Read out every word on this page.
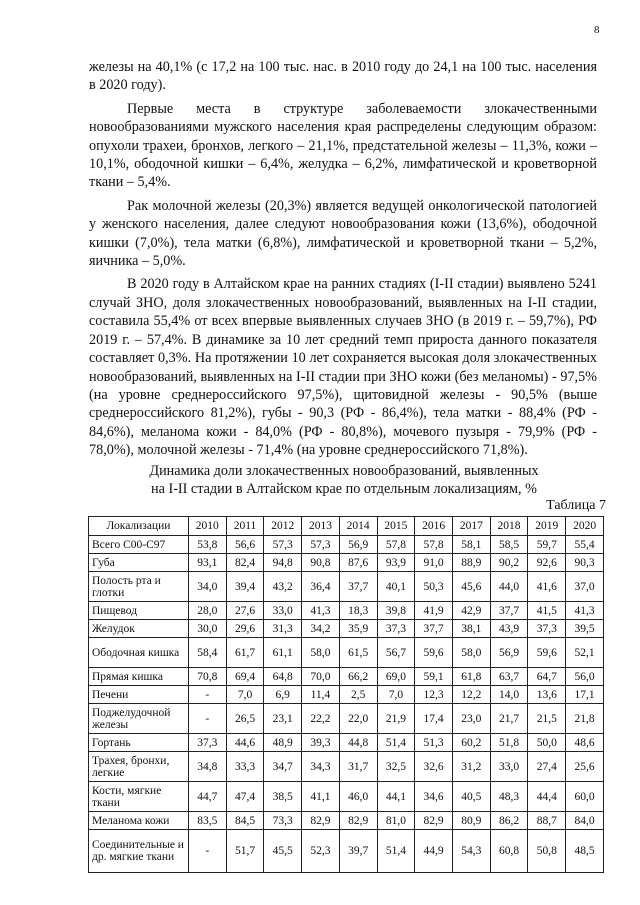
8

железы на 40,1% (с 17,2 на 100 тыс. нас. в 2010 году до 24,1 на 100 тыс. населения в 2020 году).

Первые места в структуре заболеваемости злокачественными новообразованиями мужского населения края распределены следующим образом: опухоли трахеи, бронхов, легкого – 21,1%, предстательной железы – 11,3%, кожи – 10,1%, ободочной кишки – 6,4%, желудка – 6,2%, лимфатической и кроветворной ткани – 5,4%.

Рак молочной железы (20,3%) является ведущей онкологической патологией у женского населения, далее следуют новообразования кожи (13,6%), ободочной кишки (7,0%), тела матки (6,8%), лимфатической и кроветворной ткани – 5,2%, яичника – 5,0%.

В 2020 году в Алтайском крае на ранних стадиях (I-II стадии) выявлено 5241 случай ЗНО, доля злокачественных новообразований, выявленных на I-II стадии, составила 55,4% от всех впервые выявленных случаев ЗНО (в 2019 г. – 59,7%), РФ 2019 г. – 57,4%. В динамике за 10 лет средний темп прироста данного показателя составляет 0,3%. На протяжении 10 лет сохраняется высокая доля злокачественных новообразований, выявленных на I-II стадии при ЗНО кожи (без меланомы) - 97,5% (на уровне среднероссийского 97,5%), щитовидной железы - 90,5% (выше среднероссийского 81,2%), губы - 90,3 (РФ - 86,4%), тела матки - 88,4% (РФ - 84,6%), меланома кожи - 84,0% (РФ - 80,8%), мочевого пузыря - 79,9% (РФ - 78,0%), молочной железы - 71,4% (на уровне среднероссийского 71,8%).

Динамика доли злокачественных новообразований, выявленных
на I-II стадии в Алтайском крае по отдельным локализациям, %
Таблица 7
Локализации	2010	2011	2012	2013	2014	2015	2016	2017	2018	2019	2020
Всего С00-С97	53,8	56,6	57,3	57,3	56,9	57,8	57,8	58,1	58,5	59,7	55,4
Губа	93,1	82,4	94,8	90,8	87,6	93,9	91,0	88,9	90,2	92,6	90,3
Полость рта и глотки	34,0	39,4	43,2	36,4	37,7	40,1	50,3	45,6	44,0	41,6	37,0
Пищевод	28,0	27,6	33,0	41,3	18,3	39,8	41,9	42,9	37,7	41,5	41,3
Желудок	30,0	29,6	31,3	34,2	35,9	37,3	37,7	38,1	43,9	37,3	39,5
Ободочная кишка	58,4	61,7	61,1	58,0	61,5	56,7	59,6	58,0	56,9	59,6	52,1
Прямая кишка	70,8	69,4	64,8	70,0	66,2	69,0	59,1	61,8	63,7	64,7	56,0
Печени	-	7,0	6,9	11,4	2,5	7,0	12,3	12,2	14,0	13,6	17,1
Поджелудочной железы	-	26,5	23,1	22,2	22,0	21,9	17,4	23,0	21,7	21,5	21,8
Гортань	37,3	44,6	48,9	39,3	44,8	51,4	51,3	60,2	51,8	50,0	48,6
Трахея, бронхи, легкие	34,8	33,3	34,7	34,3	31,7	32,5	32,6	31,2	33,0	27,4	25,6
Кости, мягкие ткани	44,7	47,4	38,5	41,1	46,0	44,1	34,6	40,5	48,3	44,4	60,0
Меланома кожи	83,5	84,5	73,3	82,9	82,9	81,0	82,9	80,9	86,2	88,7	84,0
Соединительные и др. мягкие ткани	-	51,7	45,5	52,3	39,7	51,4	44,9	54,3	60,8	50,8	48,5
